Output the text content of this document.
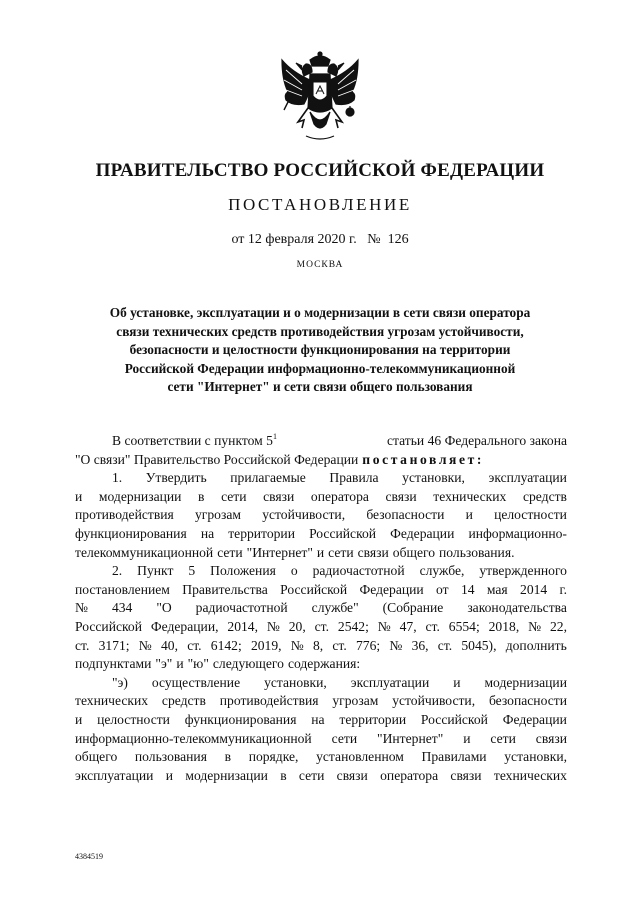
ПРАВИТЕЛЬСТВО РОССИЙСКОЙ ФЕДЕРАЦИИ
ПОСТАНОВЛЕНИЕ
от 12 февраля 2020 г. № 126
МОСКВА
Об установке, эксплуатации и о модернизации в сети связи оператора
связи технических средств противодействия угрозам устойчивости,
безопасности и целостности функционирования на территории
Российской Федерации информационно-телекоммуникационной
сети "Интернет" и сети связи общего пользования
В соответствии с пунктом 5$^1$	статьи 46 Федерального закона
"О связи" Правительство Российской Федерации постановляет:
1. Утвердить прилагаемые Правила установки, эксплуатации
и модернизации в сети связи оператора связи технических средств
противодействия угрозам устойчивости, безопасности и целостности
функционирования на территории Российской Федерации информационно-
телекоммуникационной сети "Интернет" и сети связи общего пользования.
2. Пункт 5 Положения о радиочастотной службе, утвержденного
постановлением Правительства Российской Федерации от 14 мая 2014 г.
№ 434 "О радиочастотной службе" (Собрание законодательства
Российской Федерации, 2014, № 20, ст. 2542; № 47, ст. 6554; 2018, № 22,
ст. 3171; № 40, ст. 6142; 2019, № 8, ст. 776; № 36, ст. 5045), дополнить
подпунктами "э" и "ю" следующего содержания:
"э) осуществление установки, эксплуатации и модернизации
технических средств противодействия угрозам устойчивости, безопасности
и целостности функционирования на территории Российской Федерации
информационно-телекоммуникационной сети "Интернет" и сети связи
общего пользования в порядке, установленном Правилами установки,
эксплуатации и модернизации в сети связи оператора связи технических
4384519
